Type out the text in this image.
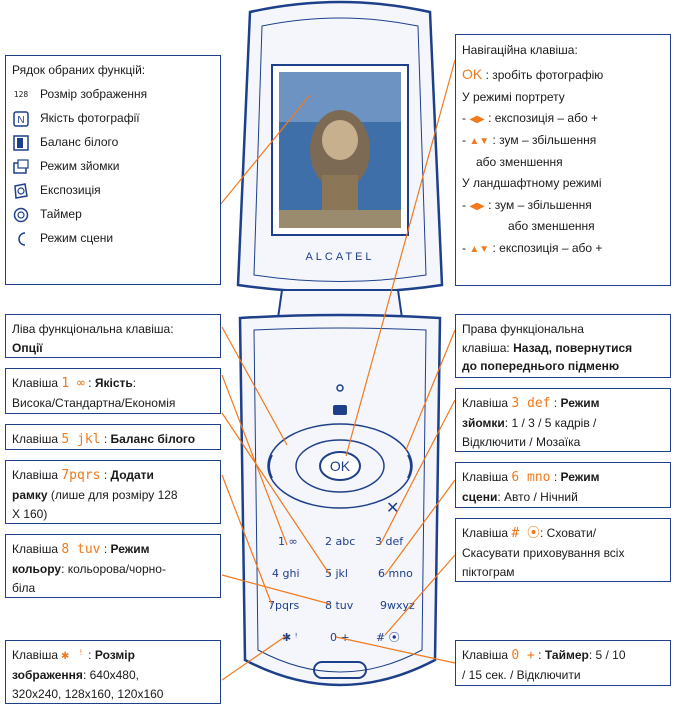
ALCATEL
OK
✕
1 ∞ 2 abc 3 def
4 ghi 5 jkl	6 mno
7pqrs 8 tuv 9wxyz
✱ ꜝ	0 + # ⦿
Рядок обраних функцій:
128 Розмір зображення
N Якість фотографії
Баланс білого
Режим зйомки
Експозиція
Таймер
Режим сцени
Навігаційна клавіша:
OK : зробіть фотографію
У режимі портрету
- ◀▶ : експозиція – або +
- ▲▼ : зум – збільшення
або зменшення
У ландшафтному режимі
- ◀▶ : зум – збільшення
або зменшення
- ▲▼ : експозиція – або +
Ліва функціональна клавіша:
Опції
Клавіша 1 ∞ : Якість:
Висока/Стандартна/Економія
Клавіша 5 jkl : Баланс білого
Клавіша 7pqrs : Додати
рамку (лише для розміру 128
X 160)
Клавіша 8 tuv : Режим
кольору: кольорова/чорно-
біла
Клавіша ✱ ꜝ : Розмір
зображення: 640x480,
320x240, 128x160, 120x160
Права функціональна
клавіша: Назад, повернутися
до попереднього підменю
Клавіша 3 def : Режим
зйомки: 1 / 3 / 5 кадрів /
Відключити / Мозаїка
Клавіша 6 mno : Режим
сцени: Авто / Нічний
Клавіша # ⦿: Сховати/
Скасувати приховування всіх
піктограм
Клавіша 0 + : Таймер: 5 / 10
/ 15 сек. / Відключити
